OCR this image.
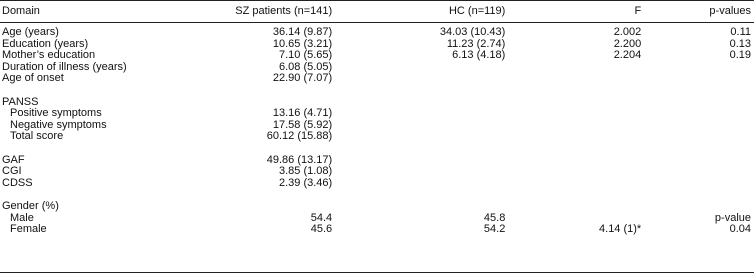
Domain	SZ patients (n=141)	HC (n=119)	F	p-values
Age (years)	36.14 (9.87)	34.03 (10.43)	2.002	0.11
Education (years)	10.65 (3.21)	11.23 (2.74)	2.200	0.13
Mother’s education	7.10 (5.65)	6.13 (4.18)	2.204	0.19
Duration of illness (years)	6.08 (5.05)			
Age of onset	22.90 (7.07)			

PANSS				
Positive symptoms	13.16 (4.71)			
Negative symptoms	17.58 (5.92)			
Total score	60.12 (15.88)			

GAF	49.86 (13.17)			
CGI	3.85 (1.08)			
CDSS	2.39 (3.46)			

Gender (%)				
Male	54.4	45.8		p-value
Female	45.6	54.2	4.14 (1)*	0.04
